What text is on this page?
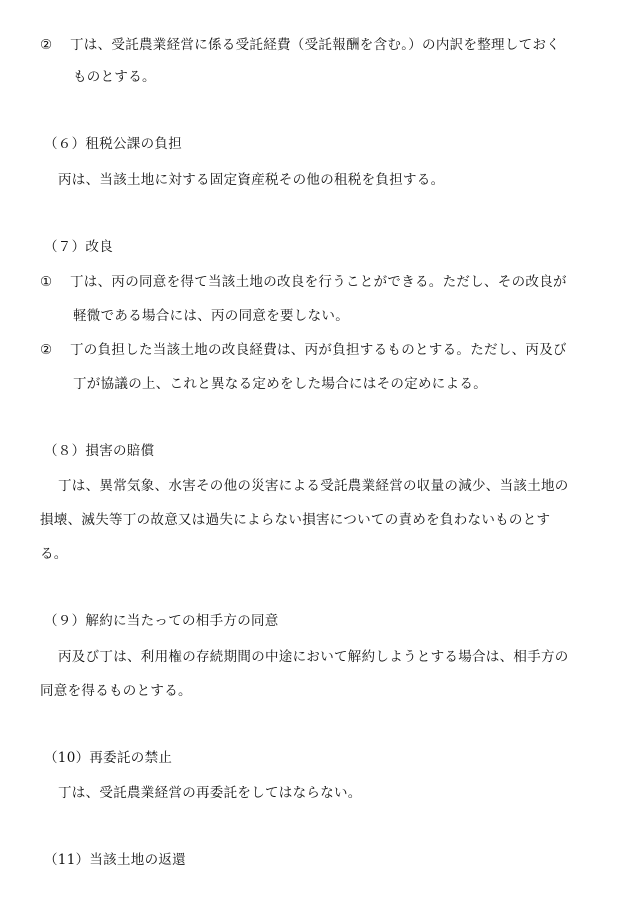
② 丁は、受託農業経営に係る受託経費（受託報酬を含む。）の内訳を整理しておく
ものとする。
（６）租税公課の負担
丙は、当該土地に対する固定資産税その他の租税を負担する。
（７）改良
① 丁は、丙の同意を得て当該土地の改良を行うことができる。ただし、その改良が
軽微である場合には、丙の同意を要しない。
② 丁の負担した当該土地の改良経費は、丙が負担するものとする。ただし、丙及び
丁が協議の上、これと異なる定めをした場合にはその定めによる。
（８）損害の賠償
丁は、異常気象、水害その他の災害による受託農業経営の収量の減少、当該土地の
損壊、滅失等丁の故意又は過失によらない損害についての責めを負わないものとす
る。
（９）解約に当たっての相手方の同意
丙及び丁は、利用権の存続期間の中途において解約しようとする場合は、相手方の
同意を得るものとする。
（10）再委託の禁止
丁は、受託農業経営の再委託をしてはならない。
（11）当該土地の返還
